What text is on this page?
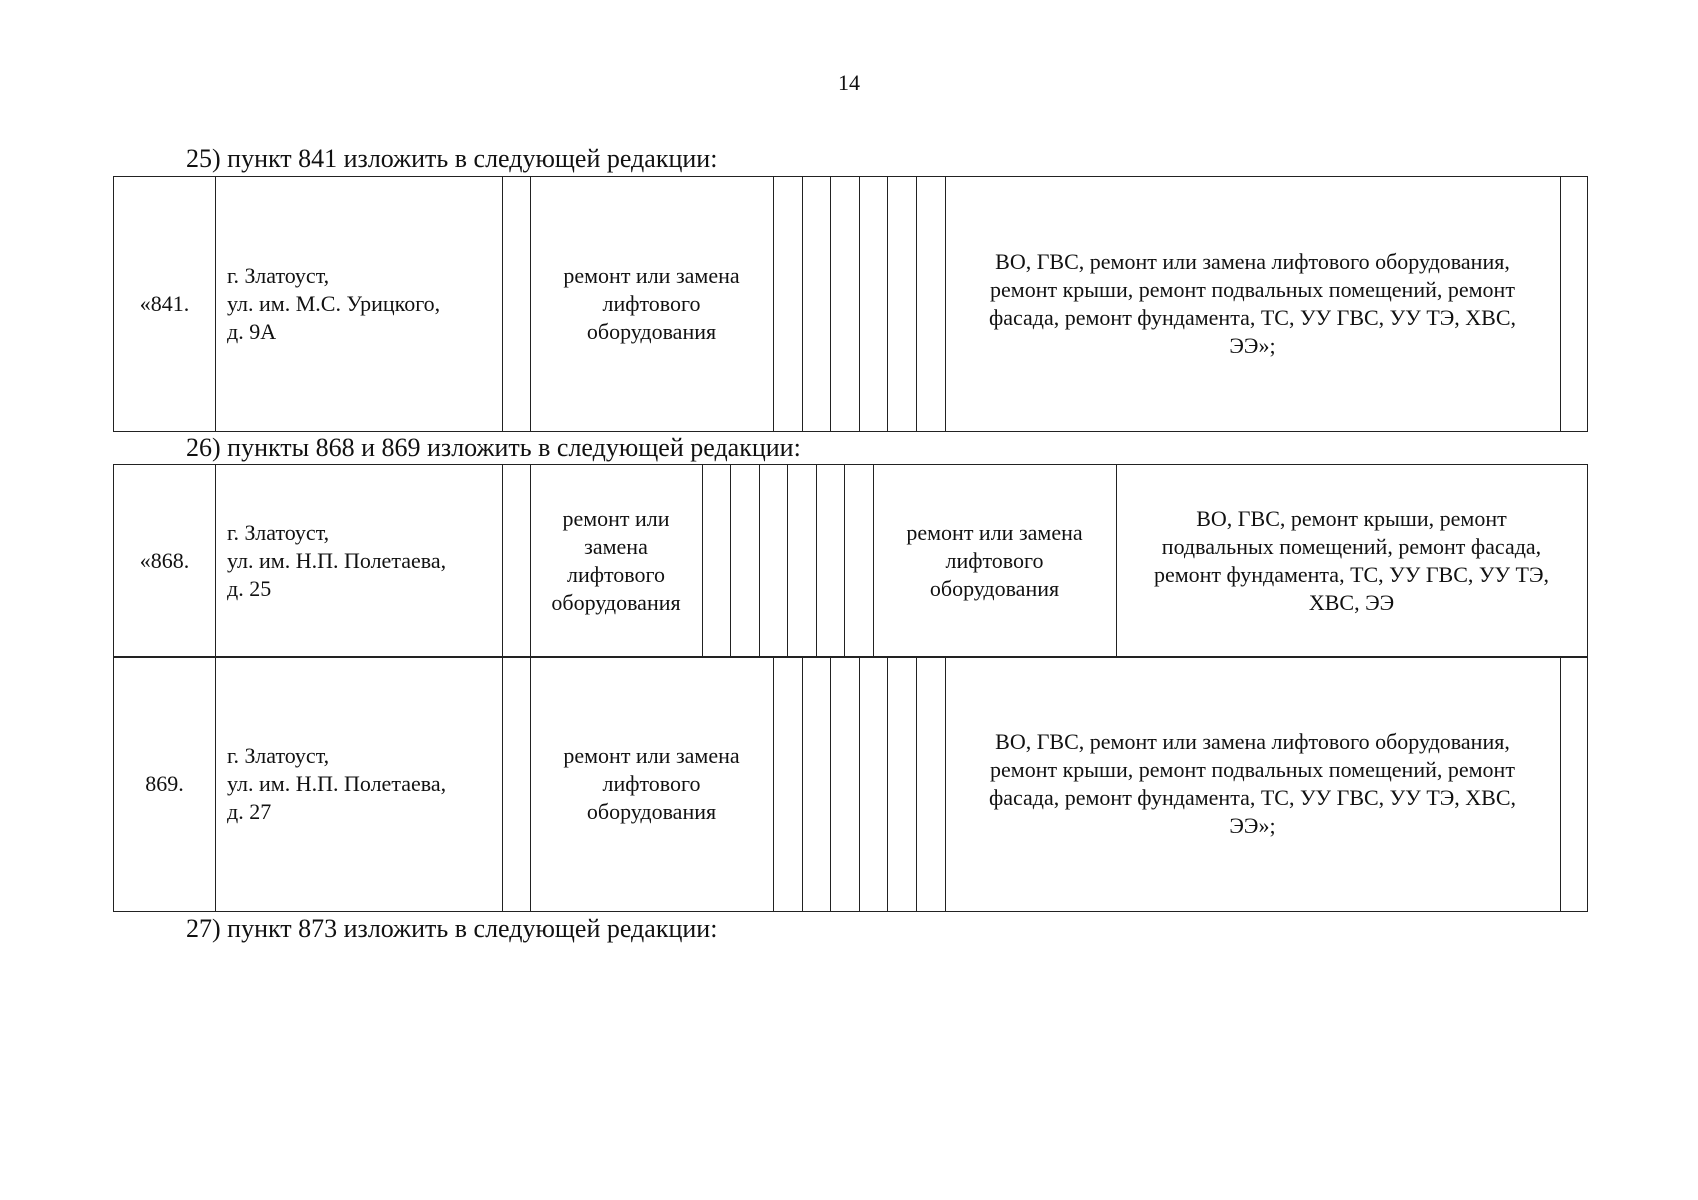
14
25) пункт 841 изложить в следующей редакции:
«841.
г. Златоуст,
ул. им. М.С. Урицкого,
д. 9А
ремонт или замена
лифтового
оборудования
ВО, ГВС, ремонт или замена лифтового оборудования,
ремонт крыши, ремонт подвальных помещений, ремонт
фасада, ремонт фундамента, ТС, УУ ГВС, УУ ТЭ, ХВС,
ЭЭ»;
26) пункты 868 и 869 изложить в следующей редакции:
«868.
г. Златоуст,
ул. им. Н.П. Полетаева,
д. 25
ремонт или
замена
лифтового
оборудования
ремонт или замена
лифтового
оборудования
ВО, ГВС, ремонт крыши, ремонт
подвальных помещений, ремонт фасада,
ремонт фундамента, ТС, УУ ГВС, УУ ТЭ,
ХВС, ЭЭ
869.
г. Златоуст,
ул. им. Н.П. Полетаева,
д. 27
ремонт или замена
лифтового
оборудования
ВО, ГВС, ремонт или замена лифтового оборудования,
ремонт крыши, ремонт подвальных помещений, ремонт
фасада, ремонт фундамента, ТС, УУ ГВС, УУ ТЭ, ХВС,
ЭЭ»;
27) пункт 873 изложить в следующей редакции:
